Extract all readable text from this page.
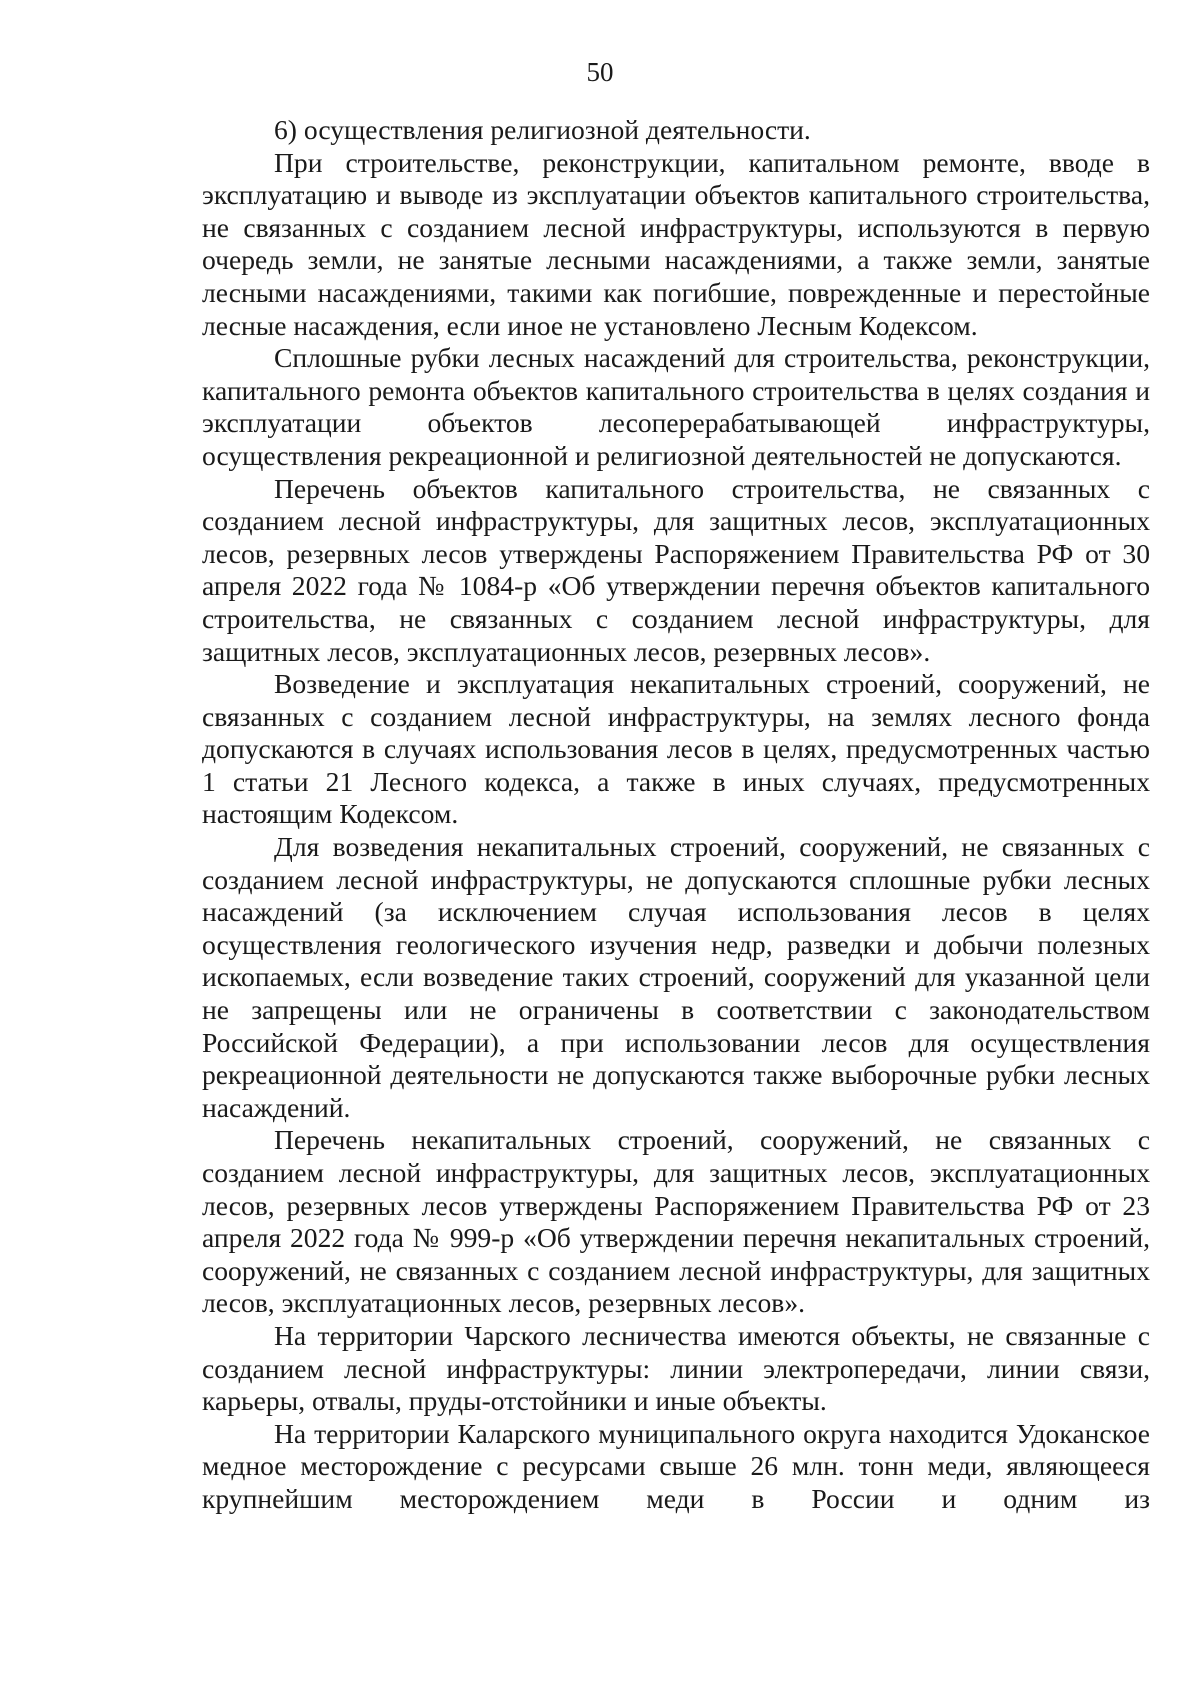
50

6) осуществления религиозной деятельности.

При строительстве, реконструкции, капитальном ремонте, вводе в эксплуатацию и выводе из эксплуатации объектов капитального строительства, не связанных с созданием лесной инфраструктуры, используются в первую очередь земли, не занятые лесными насаждениями, а также земли, занятые лесными насаждениями, такими как погибшие, поврежденные и перестойные лесные насаждения, если иное не установлено Лесным Кодексом.

Сплошные рубки лесных насаждений для строительства, реконструкции, капитального ремонта объектов капитального строительства в целях создания и эксплуатации объектов лесоперерабатывающей инфраструктуры, осуществления рекреационной и религиозной деятельностей не допускаются.

Перечень объектов капитального строительства, не связанных с созданием лесной инфраструктуры, для защитных лесов, эксплуатационных лесов, резервных лесов утверждены Распоряжением Правительства РФ от 30 апреля 2022 года № 1084-р «Об утверждении перечня объектов капитального строительства, не связанных с созданием лесной инфраструктуры, для защитных лесов, эксплуатационных лесов, резервных лесов».

Возведение и эксплуатация некапитальных строений, сооружений, не связанных с созданием лесной инфраструктуры, на землях лесного фонда допускаются в случаях использования лесов в целях, предусмотренных частью 1 статьи 21 Лесного кодекса, а также в иных случаях, предусмотренных настоящим Кодексом.

Для возведения некапитальных строений, сооружений, не связанных с созданием лесной инфраструктуры, не допускаются сплошные рубки лесных насаждений (за исключением случая использования лесов в целях осуществления геологического изучения недр, разведки и добычи полезных ископаемых, если возведение таких строений, сооружений для указанной цели не запрещены или не ограничены в соответствии с законодательством Российской Федерации), а при использовании лесов для осуществления рекреационной деятельности не допускаются также выборочные рубки лесных насаждений.

Перечень некапитальных строений, сооружений, не связанных с созданием лесной инфраструктуры, для защитных лесов, эксплуатационных лесов, резервных лесов утверждены Распоряжением Правительства РФ от 23 апреля 2022 года № 999-р «Об утверждении перечня некапитальных строений, сооружений, не связанных с созданием лесной инфраструктуры, для защитных лесов, эксплуатационных лесов, резервных лесов».

На территории Чарского лесничества имеются объекты, не связанные с созданием лесной инфраструктуры: линии электропередачи, линии связи, карьеры, отвалы, пруды-отстойники и иные объекты.

На территории Каларского муниципального округа находится Удоканское медное месторождение с ресурсами свыше 26 млн. тонн меди, являющееся крупнейшим месторождением меди в России и одним из
